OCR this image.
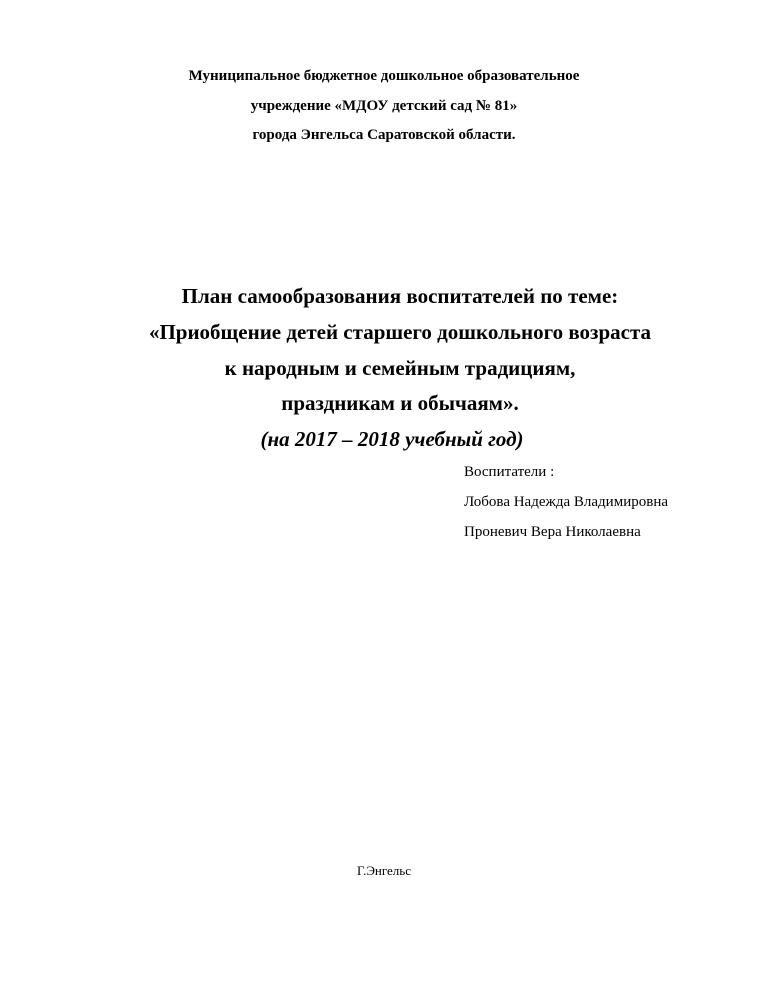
Муниципальное бюджетное дошкольное образовательное
учреждение «МДОУ детский сад № 81»
города Энгельса Саратовской области.
План самообразования воспитателей по теме:
«Приобщение детей старшего дошкольного возраста
к народным и семейным традициям,
праздникам и обычаям».
(на 2017 – 2018 учебный год)
Воспитатели :
Лобова Надежда Владимировна
Проневич Вера Николаевна
Г.Энгельс
